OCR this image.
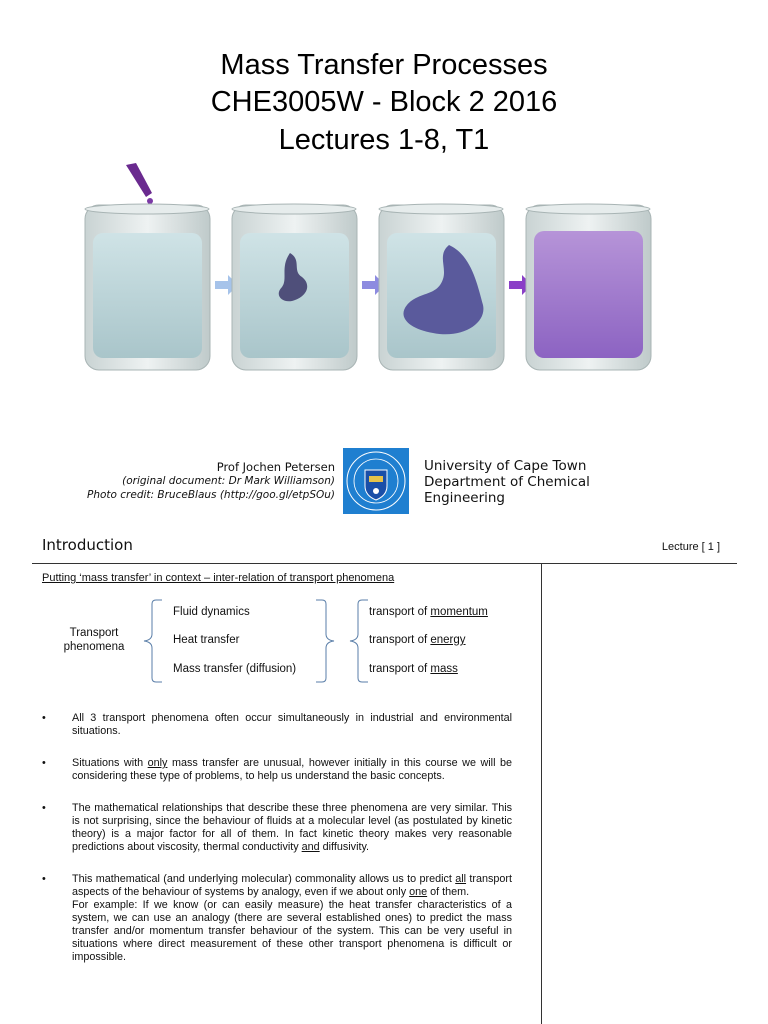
Mass Transfer Processes
CHE3005W - Block 2 2016
Lectures 1-8, T1
Prof Jochen Petersen
(original document: Dr Mark Williamson)
Photo credit: BruceBlaus (http://goo.gl/etpSOu)
University of Cape Town
Department of Chemical
Engineering
Introduction	Lecture [ 1 ]
Putting ‘mass transfer’ in context – inter-relation of transport phenomena
Transport
phenomena
Fluid dynamics
Heat transfer
Mass transfer (diffusion)
transport of momentum
transport of energy
transport of mass
• All 3 transport phenomena often occur simultaneously in industrial and environmental situations.
• Situations with only mass transfer are unusual, however initially in this course we will be considering these type of problems, to help us understand the basic concepts.
• The mathematical relationships that describe these three phenomena are very similar. This is not surprising, since the behaviour of fluids at a molecular level (as postulated by kinetic theory) is a major factor for all of them. In fact kinetic theory makes very reasonable predictions about viscosity, thermal conductivity and diffusivity.
• This mathematical (and underlying molecular) commonality allows us to predict all transport aspects of the behaviour of systems by analogy, even if we about only one of them.
For example: If we know (or can easily measure) the heat transfer characteristics of a system, we can use an analogy (there are several established ones) to predict the mass transfer and/or momentum transfer behaviour of the system. This can be very useful in situations where direct measurement of these other transport phenomena is difficult or impossible.
